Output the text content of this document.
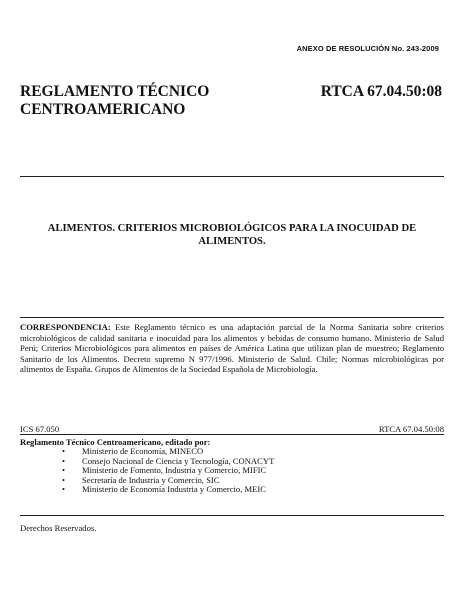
ANEXO DE RESOLUCIÓN No. 243-2009
REGLAMENTO TÉCNICO
CENTROAMERICANO
RTCA 67.04.50:08
ALIMENTOS. CRITERIOS MICROBIOLÓGICOS PARA LA INOCUIDAD DE
ALIMENTOS.
CORRESPONDENCIA: Este Reglamento técnico es una adaptación parcial de la Norma Sanitaria sobre criterios microbiológicos de calidad sanitaria e inocuidad para los alimentos y bebidas de consumo humano. Ministerio de Salud Perú; Criterios Microbiológicos para alimentos en países de América Latina que utilizan plan de muestreo; Reglamento Sanitario de los Alimentos. Decreto supremo N 977/1996. Ministerio de Salud. Chile; Normas microbiológicas por alimentos de España. Grupos de Alimentos de la Sociedad Española de Microbiología.
ICS 67.050	RTCA 67.04.50:08
Reglamento Técnico Centroamericano, editado por:
• Ministerio de Economía, MINECO
• Consejo Nacional de Ciencia y Tecnología, CONACYT
• Ministerio de Fomento, Industria y Comercio, MIFIC
• Secretaría de Industria y Comercio, SIC
• Ministerio de Economía Industria y Comercio, MEIC
Derechos Reservados.
